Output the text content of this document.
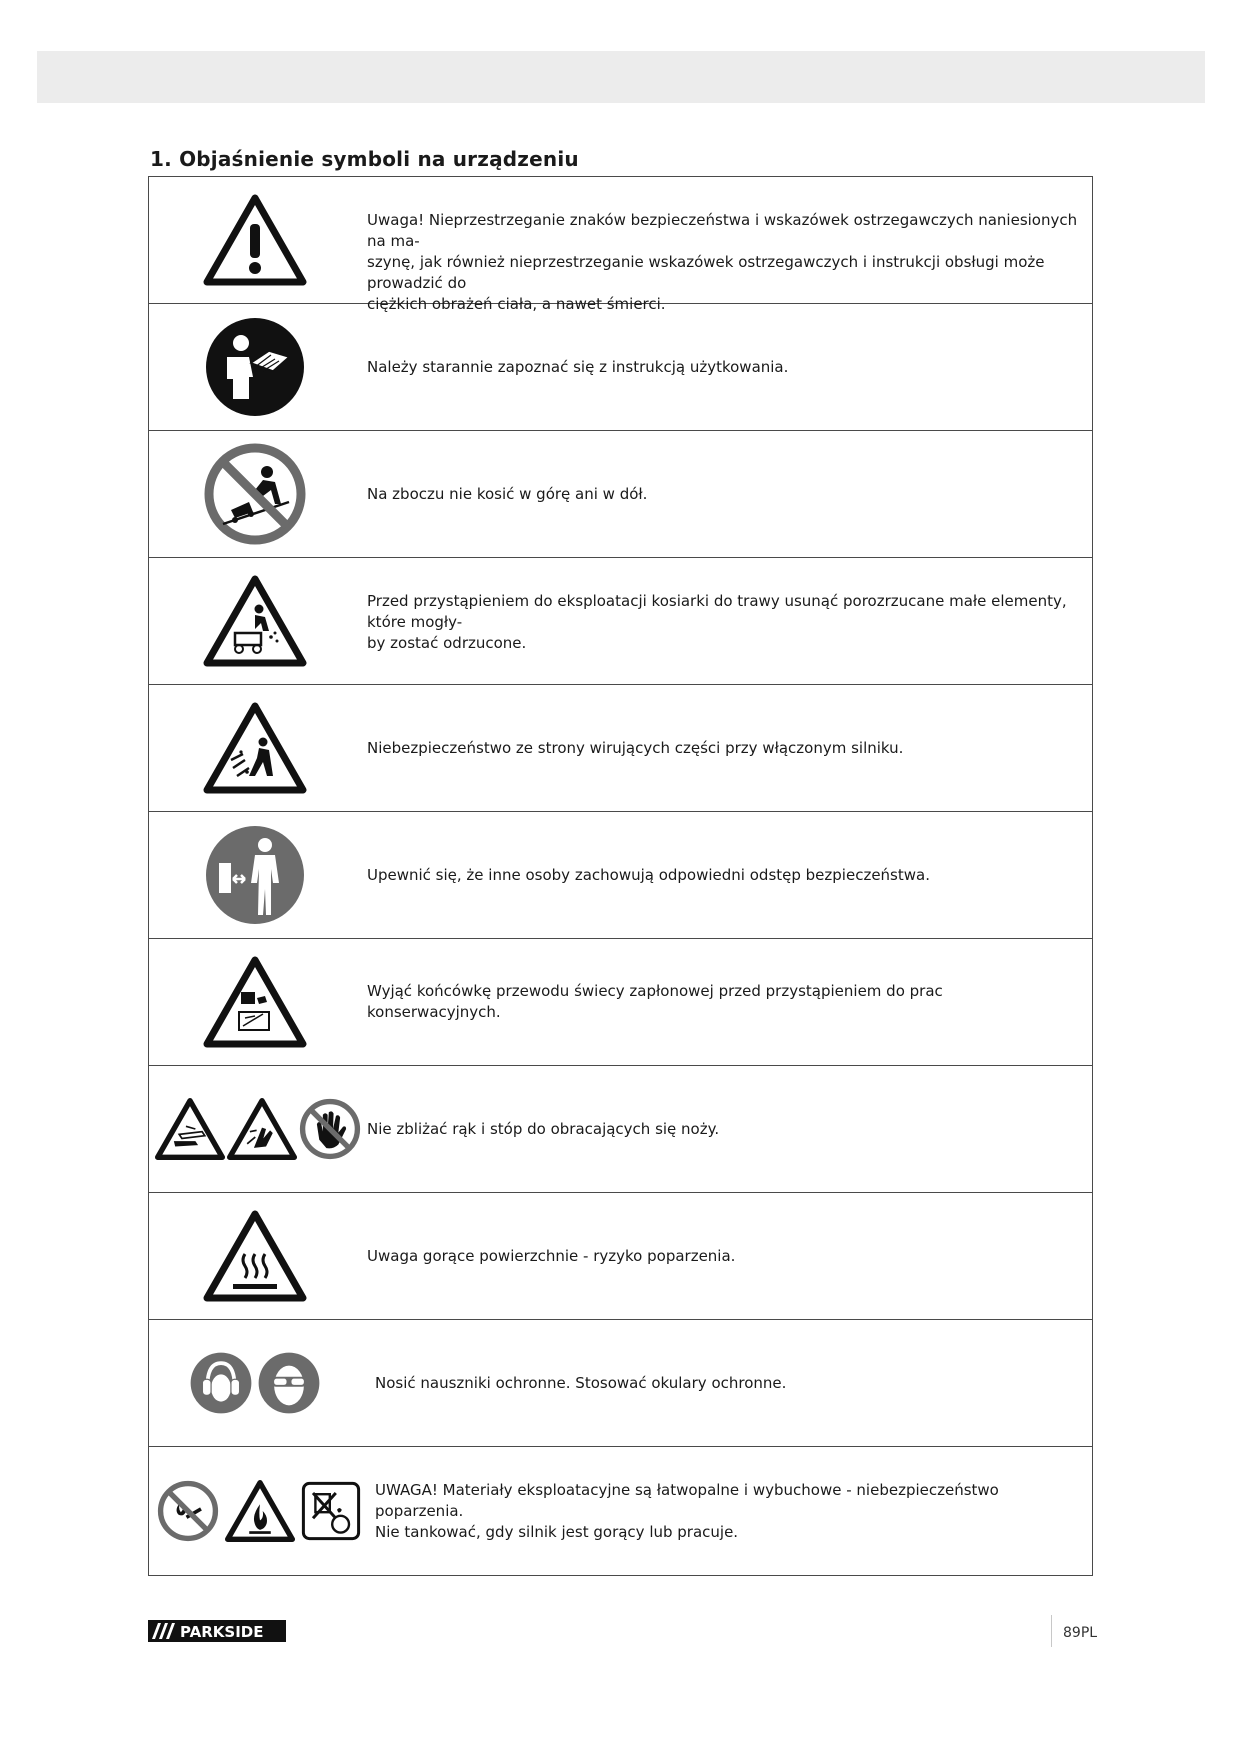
1. Objaśnienie symboli na urządzeniu
Uwaga! Nieprzestrzeganie znaków bezpieczeństwa i wskazówek ostrzegawczych naniesionych na ma-
szynę, jak również nieprzestrzeganie wskazówek ostrzegawczych i instrukcji obsługi może prowadzić do
ciężkich obrażeń ciała, a nawet śmierci.
Należy starannie zapoznać się z instrukcją użytkowania.
Na zboczu nie kosić w górę ani w dół.
Przed przystąpieniem do eksploatacji kosiarki do trawy usunąć porozrzucane małe elementy, które mogły-
by zostać odrzucone.
Niebezpieczeństwo ze strony wirujących części przy włączonym silniku.
Upewnić się, że inne osoby zachowują odpowiedni odstęp bezpieczeństwa.
Wyjąć końcówkę przewodu świecy zapłonowej przed przystąpieniem do prac konserwacyjnych.
Nie zbliżać rąk i stóp do obracających się noży.
Uwaga gorące powierzchnie - ryzyko poparzenia.
Nosić nauszniki ochronne. Stosować okulary ochronne.
UWAGA! Materiały eksploatacyjne są łatwopalne i wybuchowe - niebezpieczeństwo poparzenia.
Nie tankować, gdy silnik jest gorący lub pracuje.
PARKSIDE	89PL
